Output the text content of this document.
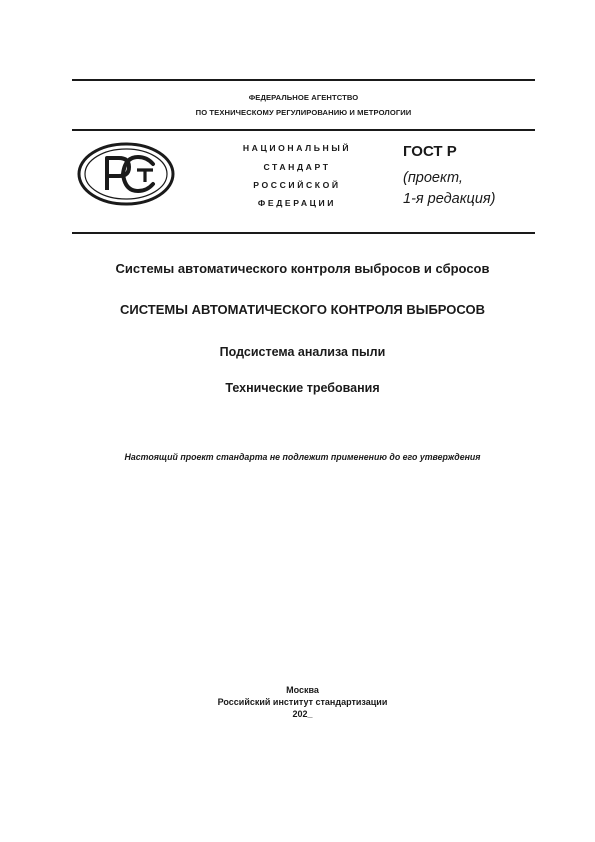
ФЕДЕРАЛЬНОЕ АГЕНТСТВО
ПО ТЕХНИЧЕСКОМУ РЕГУЛИРОВАНИЮ И МЕТРОЛОГИИ
НАЦИОНАЛЬНЫЙ
СТАНДАРТ
РОССИЙСКОЙ
ФЕДЕРАЦИИ
ГОСТ Р
(проект,
1-я редакция)
Системы автоматического контроля выбросов и сбросов
СИСТЕМЫ АВТОМАТИЧЕСКОГО КОНТРОЛЯ ВЫБРОСОВ
Подсистема анализа пыли
Технические требования
Настоящий проект стандарта не подлежит применению до его утверждения
Москва
Российский институт стандартизации
202_
